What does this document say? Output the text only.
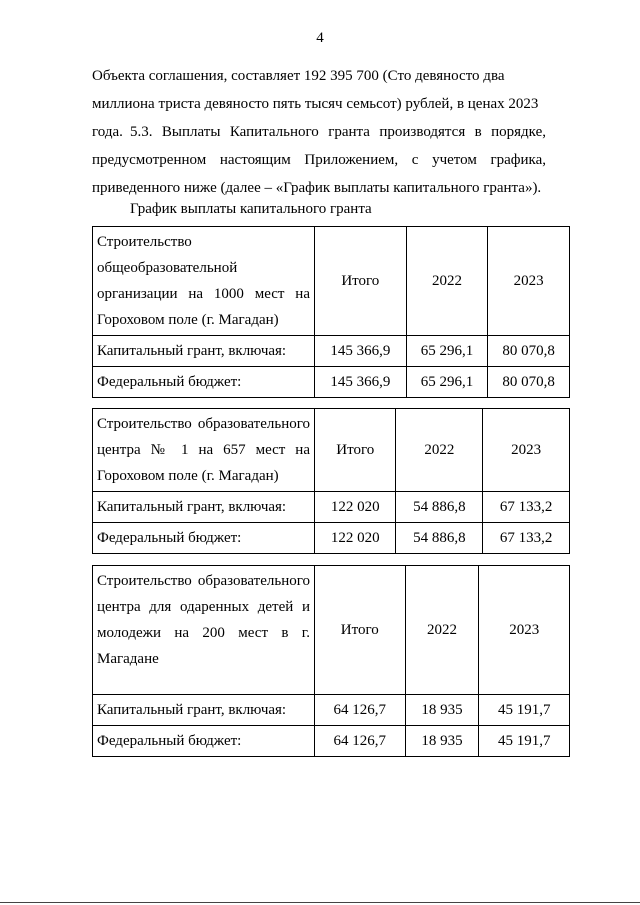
4

Объекта соглашения, составляет 192 395 700 (Сто девяносто два миллиона триста девяносто пять тысяч семьсот) рублей, в ценах 2023 года. 5.3. Выплаты Капитального гранта производятся в порядке, предусмотренном настоящим Приложением, с учетом графика, приведенного ниже (далее – «График выплаты капитального гранта»).

График выплаты капитального гранта
Строительство общеобразовательной организации на 1000 мест на Гороховом поле (г. Магадан)	Итого	2022	2023
Капитальный грант, включая:	145 366,9	65 296,1	80 070,8
Федеральный бюджет:	145 366,9	65 296,1	80 070,8
Строительство образовательного центра № 1 на 657 мест на Гороховом поле (г. Магадан)	Итого	2022	2023
Капитальный грант, включая:	122 020	54 886,8	67 133,2
Федеральный бюджет:	122 020	54 886,8	67 133,2
Строительство образовательного центра для одаренных детей и молодежи на 200 мест в г. Магадане	Итого	2022	2023
Капитальный грант, включая:	64 126,7	18 935	45 191,7
Федеральный бюджет:	64 126,7	18 935	45 191,7
